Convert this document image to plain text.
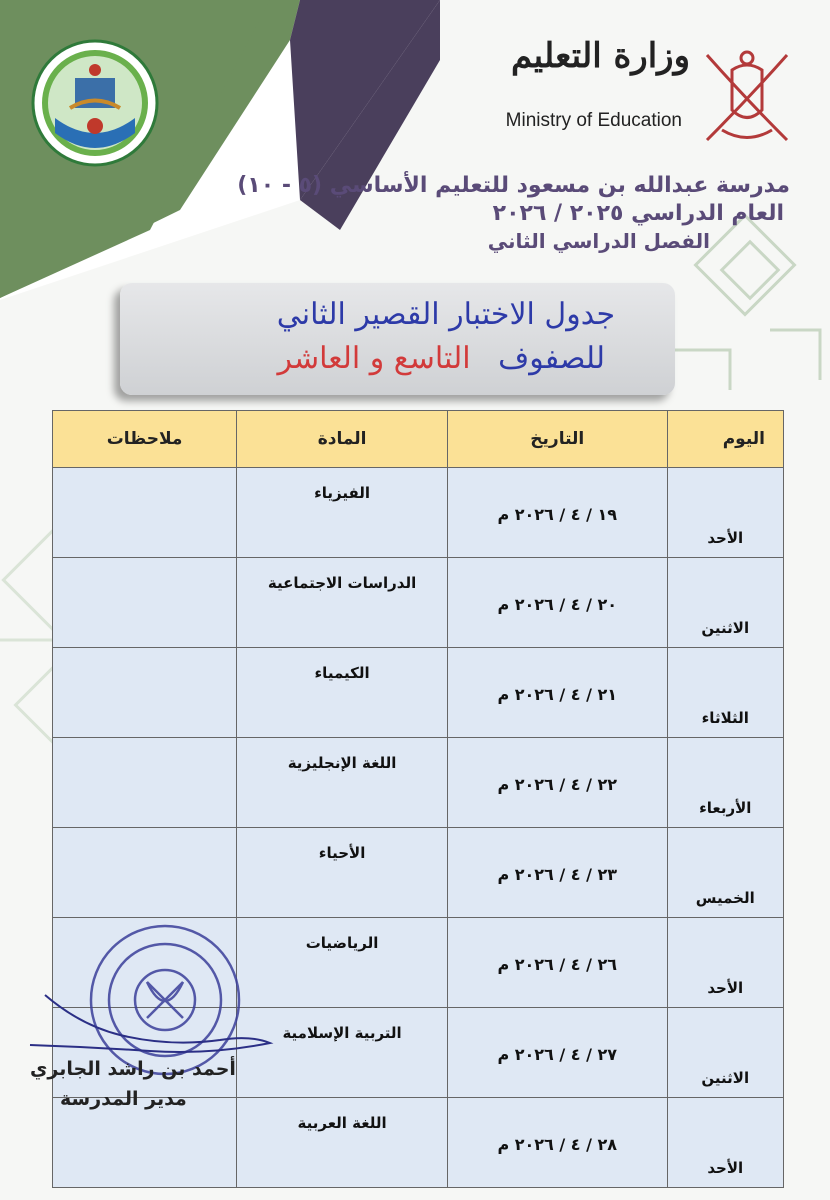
وزارة التعليم
Ministry of Education
مدرسة عبدالله بن مسعود للتعليم الأساسي (٥ - ١٠)
العام الدراسي ٢٠٢٥ / ٢٠٢٦
الفصل الدراسي الثاني
جدول الاختبار القصير الثاني
للصفوف التاسع و العاشر
اليوم	التاريخ	المادة	ملاحظات
الأحد	١٩ / ٤ / ٢٠٢٦ م	الفيزياء	
الاثنين	٢٠ / ٤ / ٢٠٢٦ م	الدراسات الاجتماعية	
الثلاثاء	٢١ / ٤ / ٢٠٢٦ م	الكيمياء	
الأربعاء	٢٢ / ٤ / ٢٠٢٦ م	اللغة الإنجليزية	
الخميس	٢٣ / ٤ / ٢٠٢٦ م	الأحياء	
الأحد	٢٦ / ٤ / ٢٠٢٦ م	الرياضيات	
الاثنين	٢٧ / ٤ / ٢٠٢٦ م	التربية الإسلامية	
الأحد	٢٨ / ٤ / ٢٠٢٦ م	اللغة العربية	
أحمد بن راشد الجابري
مدير المدرسة
